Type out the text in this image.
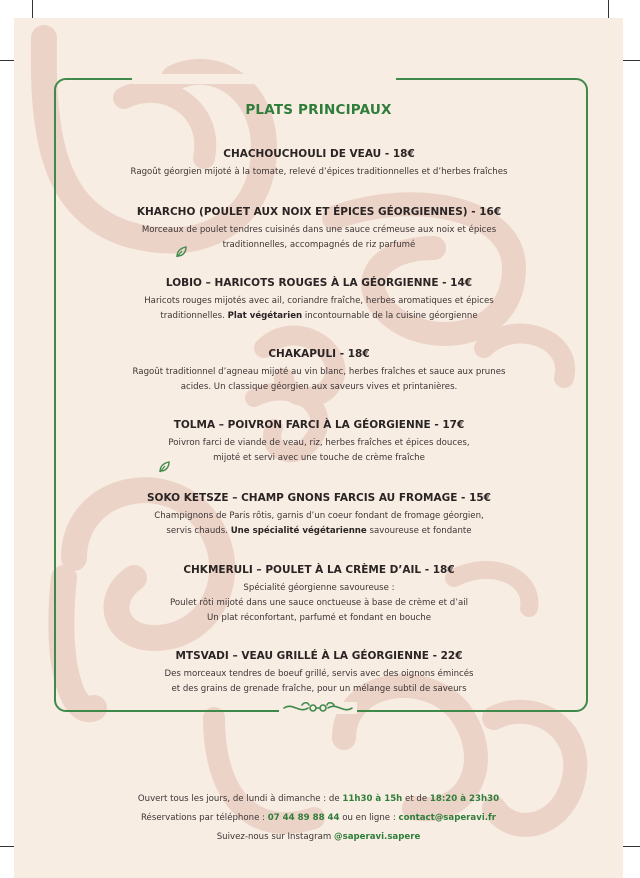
PLATS PRINCIPAUX
CHACHOUCHOULI DE VEAU - 18€
Ragoût géorgien mijoté à la tomate, relevé d’épices traditionnelles et d’herbes fraîches
KHARCHO (POULET AUX NOIX ET ÉPICES GÉORGIENNES) - 16€
Morceaux de poulet tendres cuisinés dans une sauce crémeuse aux noix et épices
traditionnelles, accompagnés de riz parfumé
LOBIO – HARICOTS ROUGES À LA GÉORGIENNE - 14€
Haricots rouges mijotés avec ail, coriandre fraîche, herbes aromatiques et épices
traditionnelles. Plat végétarien incontournable de la cuisine géorgienne
CHAKAPULI - 18€
Ragoût traditionnel d’agneau mijoté au vin blanc, herbes fraîches et sauce aux prunes
acides. Un classique géorgien aux saveurs vives et printanières.
TOLMA – POIVRON FARCI À LA GÉORGIENNE - 17€
Poivron farci de viande de veau, riz, herbes fraîches et épices douces,
mijoté et servi avec une touche de crème fraîche
SOKO KETSZE – CHAMP GNONS FARCIS AU FROMAGE - 15€
Champignons de Paris rôtis, garnis d’un coeur fondant de fromage géorgien,
servis chauds. Une spécialité végétarienne savoureuse et fondante
CHKMERULI – POULET À LA CRÈME D’AIL - 18€
Spécialité géorgienne savoureuse :
Poulet rôti mijoté dans une sauce onctueuse à base de crème et d’ail
Un plat réconfortant, parfumé et fondant en bouche
MTSVADI – VEAU GRILLÉ À LA GÉORGIENNE - 22€
Des morceaux tendres de boeuf grillé, servis avec des oignons émincés
et des grains de grenade fraîche, pour un mélange subtil de saveurs
Ouvert tous les jours, de lundi à dimanche : de 11h30 à 15h et de 18:20 à 23h30
Réservations par téléphone : 07 44 89 88 44 ou en ligne : contact@saperavi.fr
Suivez-nous sur Instagram @saperavi.sapere
